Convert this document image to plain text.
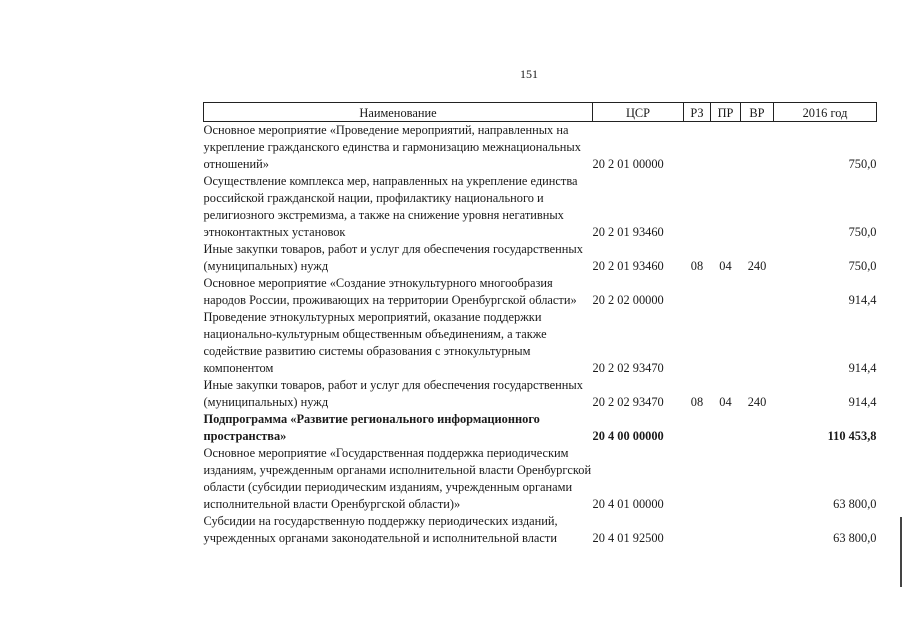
151
Наименование	ЦСР	РЗ	ПР	ВР	2016 год
Основное мероприятие «Проведение мероприятий, направленных на укрепление гражданского единства и гармонизацию межнациональных отношений»	20 2 01 00000				750,0
Осуществление комплекса мер, направленных на укрепление единства российской гражданской нации, профилактику национального и религиозного экстремизма, а также на снижение уровня негативных этноконтактных установок	20 2 01 93460				750,0
Иные закупки товаров, работ и услуг для обеспечения государственных (муниципальных) нужд	20 2 01 93460	08	04	240	750,0
Основное мероприятие «Создание этнокультурного многообразия народов России, проживающих на территории Оренбургской области»	20 2 02 00000				914,4
Проведение этнокультурных мероприятий, оказание поддержки национально-культурным общественным объединениям, а также содействие развитию системы образования с этнокультурным компонентом	20 2 02 93470				914,4
Иные закупки товаров, работ и услуг для обеспечения государственных (муниципальных) нужд	20 2 02 93470	08	04	240	914,4
Подпрограмма «Развитие регионального информационного пространства»	20 4 00 00000				110 453,8
Основное мероприятие «Государственная поддержка периодическим изданиям, учрежденным органами исполнительной власти Оренбургской области (субсидии периодическим изданиям, учрежденным органами исполнительной власти Оренбургской области)»	20 4 01 00000				63 800,0
Субсидии на государственную поддержку периодических изданий, учрежденных органами законодательной и исполнительной власти	20 4 01 92500				63 800,0
